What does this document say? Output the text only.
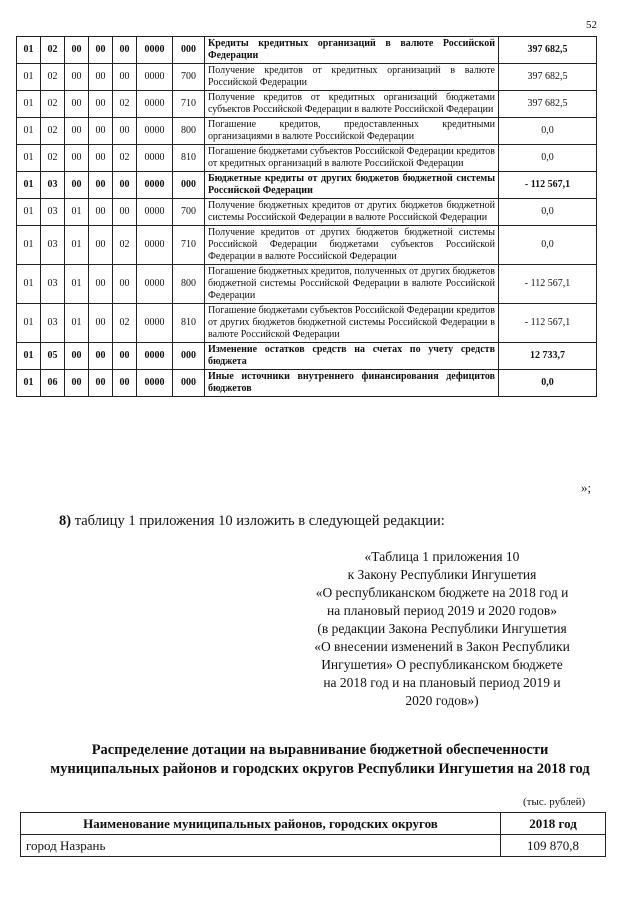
52
01	02	00	00	00	0000	000	Кредиты кредитных организаций в валюте Российской Федерации	397 682,5
01	02	00	00	00	0000	700	Получение кредитов от кредитных организаций в валюте Российской Федерации	397 682,5
01	02	00	00	02	0000	710	Получение кредитов от кредитных организаций бюджетами субъектов Российской Федерации в валюте Российской Федерации	397 682,5
01	02	00	00	00	0000	800	Погашение кредитов, предоставленных кредитными организациями в валюте Российской Федерации	0,0
01	02	00	00	02	0000	810	Погашение бюджетами субъектов Российской Федерации кредитов от кредитных организаций в валюте Российской Федерации	0,0
01	03	00	00	00	0000	000	Бюджетные кредиты от других бюджетов бюджетной системы Российской Федерации	- 112 567,1
01	03	01	00	00	0000	700	Получение бюджетных кредитов от других бюджетов бюджетной системы Российской Федерации в валюте Российской Федерации	0,0
01	03	01	00	02	0000	710	Получение кредитов от других бюджетов бюджетной системы Российской Федерации бюджетами субъектов Российской Федерации в валюте Российской Федерации	0,0
01	03	01	00	00	0000	800	Погашение бюджетных кредитов, полученных от других бюджетов бюджетной системы Российской Федерации в валюте Российской Федерации	- 112 567,1
01	03	01	00	02	0000	810	Погашение бюджетами субъектов Российской Федерации кредитов от других бюджетов бюджетной системы Российской Федерации в валюте Российской Федерации	- 112 567,1
01	05	00	00	00	0000	000	Изменение остатков средств на счетах по учету средств бюджета	12 733,7
01	06	00	00	00	0000	000	Иные источники внутреннего финансирования дефицитов бюджетов	0,0
»;
8) таблицу 1 приложения 10 изложить в следующей редакции:
«Таблица 1 приложения 10
к Закону Республики Ингушетия
«О республиканском бюджете на 2018 год и
на плановый период 2019 и 2020 годов»
(в редакции Закона Республики Ингушетия
«О внесении изменений в Закон Республики
Ингушетия» О республиканском бюджете
на 2018 год и на плановый период 2019 и
2020 годов»)
Распределение дотации на выравнивание бюджетной обеспеченности
муниципальных районов и городских округов Республики Ингушетия на 2018 год
(тыс. рублей)
Наименование муниципальных районов, городских округов	2018 год
город Назрань	109 870,8
